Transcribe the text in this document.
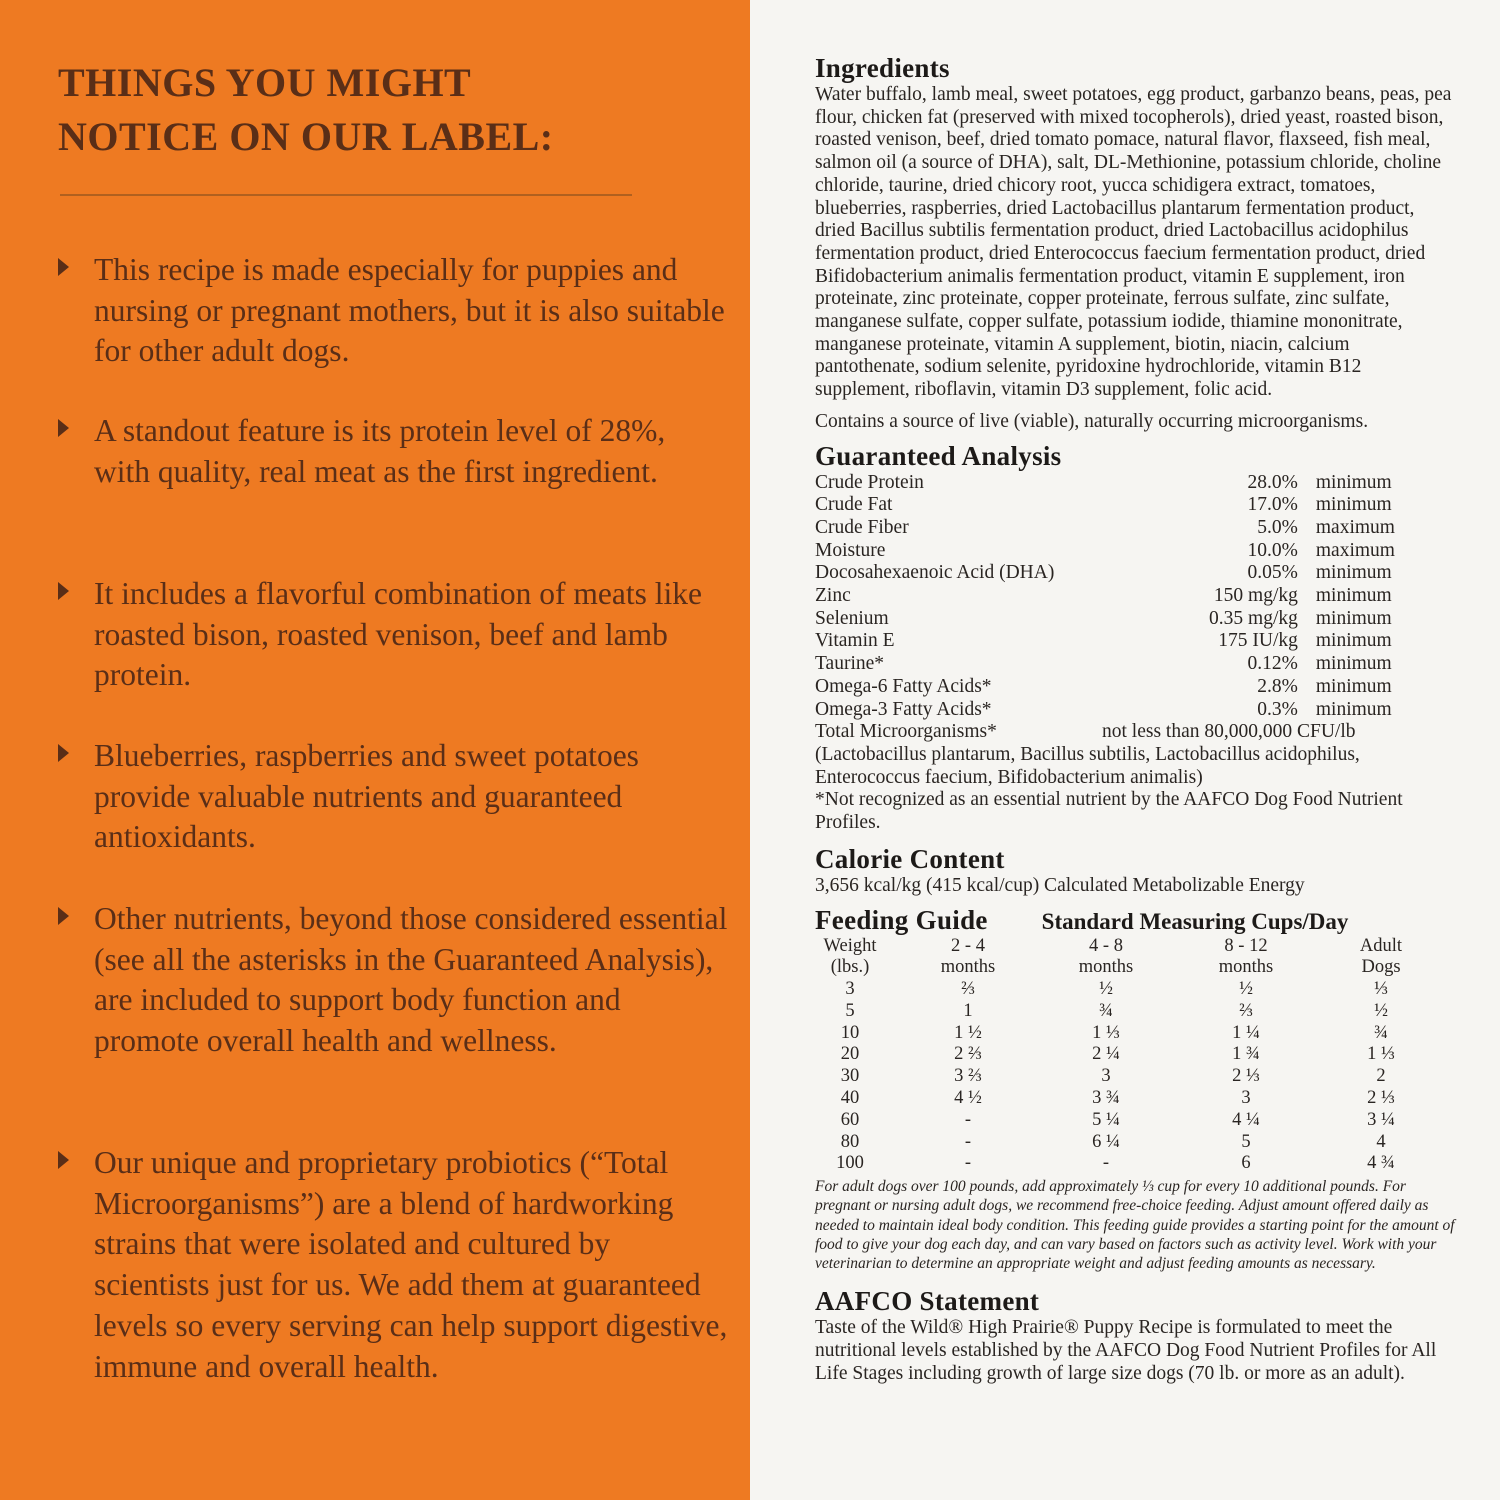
THINGS YOU MIGHT
NOTICE ON OUR LABEL:
This recipe is made especially for puppies and nursing or pregnant mothers, but it is also suitable for other adult dogs.
A standout feature is its protein level of 28%, with quality, real meat as the first ingredient.
It includes a flavorful combination of meats like roasted bison, roasted venison, beef and lamb protein.
Blueberries, raspberries and sweet potatoes provide valuable nutrients and guaranteed antioxidants.
Other nutrients, beyond those considered essential (see all the asterisks in the Guaranteed Analysis), are included to support body function and promote overall health and wellness.
Our unique and proprietary probiotics (“Total Microorganisms”) are a blend of hardworking strains that were isolated and cultured by scientists just for us. We add them at guaranteed levels so every serving can help support digestive, immune and overall health.
Ingredients

Water buffalo, lamb meal, sweet potatoes, egg product, garbanzo beans, peas, pea flour, chicken fat (preserved with mixed tocopherols), dried yeast, roasted bison, roasted venison, beef, dried tomato pomace, natural flavor, flaxseed, fish meal, salmon oil (a source of DHA), salt, DL-Methionine, potassium chloride, choline chloride, taurine, dried chicory root, yucca schidigera extract, tomatoes, blueberries, raspberries, dried Lactobacillus plantarum fermentation product, dried Bacillus subtilis fermentation product, dried Lactobacillus acidophilus fermentation product, dried Enterococcus faecium fermentation product, dried Bifidobacterium animalis fermentation product, vitamin E supplement, iron proteinate, zinc proteinate, copper proteinate, ferrous sulfate, zinc sulfate, manganese sulfate, copper sulfate, potassium iodide, thiamine mononitrate, manganese proteinate, vitamin A supplement, biotin, niacin, calcium pantothenate, sodium selenite, pyridoxine hydrochloride, vitamin B12 supplement, riboflavin, vitamin D3 supplement, folic acid.

Contains a source of live (viable), naturally occurring microorganisms.

Guaranteed Analysis
Crude Protein	28.0%	minimum
Crude Fat	17.0%	minimum
Crude Fiber	5.0%	maximum
Moisture	10.0%	maximum
Docosahexaenoic Acid (DHA)	0.05%	minimum
Zinc	150 mg/kg	minimum
Selenium	0.35 mg/kg	minimum
Vitamin E	175 IU/kg	minimum
Taurine*	0.12%	minimum
Omega-6 Fatty Acids*	2.8%	minimum
Omega-3 Fatty Acids*	0.3%	minimum
Total Microorganisms*	not less than 80,000,000 CFU/lb

(Lactobacillus plantarum, Bacillus subtilis, Lactobacillus acidophilus, Enterococcus faecium, Bifidobacterium animalis)

*Not recognized as an essential nutrient by the AAFCO Dog Food Nutrient Profiles.

Calorie Content

3,656 kcal/kg (415 kcal/cup) Calculated Metabolizable Energy

Feeding Guide Standard Measuring Cups/Day
Weight	2 - 4	4 - 8	8 - 12	Adult
(lbs.)	months	months	months	Dogs
3	⅔	½	½	⅓
5	1	¾	⅔	½
10	1 ½	1 ⅓	1 ¼	¾
20	2 ⅔	2 ¼	1 ¾	1 ⅓
30	3 ⅔	3	2 ⅓	2
40	4 ½	3 ¾	3	2 ⅓
60	-	5 ¼	4 ¼	3 ¼
80	-	6 ¼	5	4
100	-	-	6	4 ¾
For adult dogs over 100 pounds, add approximately ⅓ cup for every 10 additional pounds. For pregnant or nursing adult dogs, we recommend free-choice feeding. Adjust amount offered daily as needed to maintain ideal body condition. This feeding guide provides a starting point for the amount of food to give your dog each day, and can vary based on factors such as activity level. Work with your veterinarian to determine an appropriate weight and adjust feeding amounts as necessary.
AAFCO Statement

Taste of the Wild® High Prairie® Puppy Recipe is formulated to meet the nutritional levels established by the AAFCO Dog Food Nutrient Profiles for All Life Stages including growth of large size dogs (70 lb. or more as an adult).
